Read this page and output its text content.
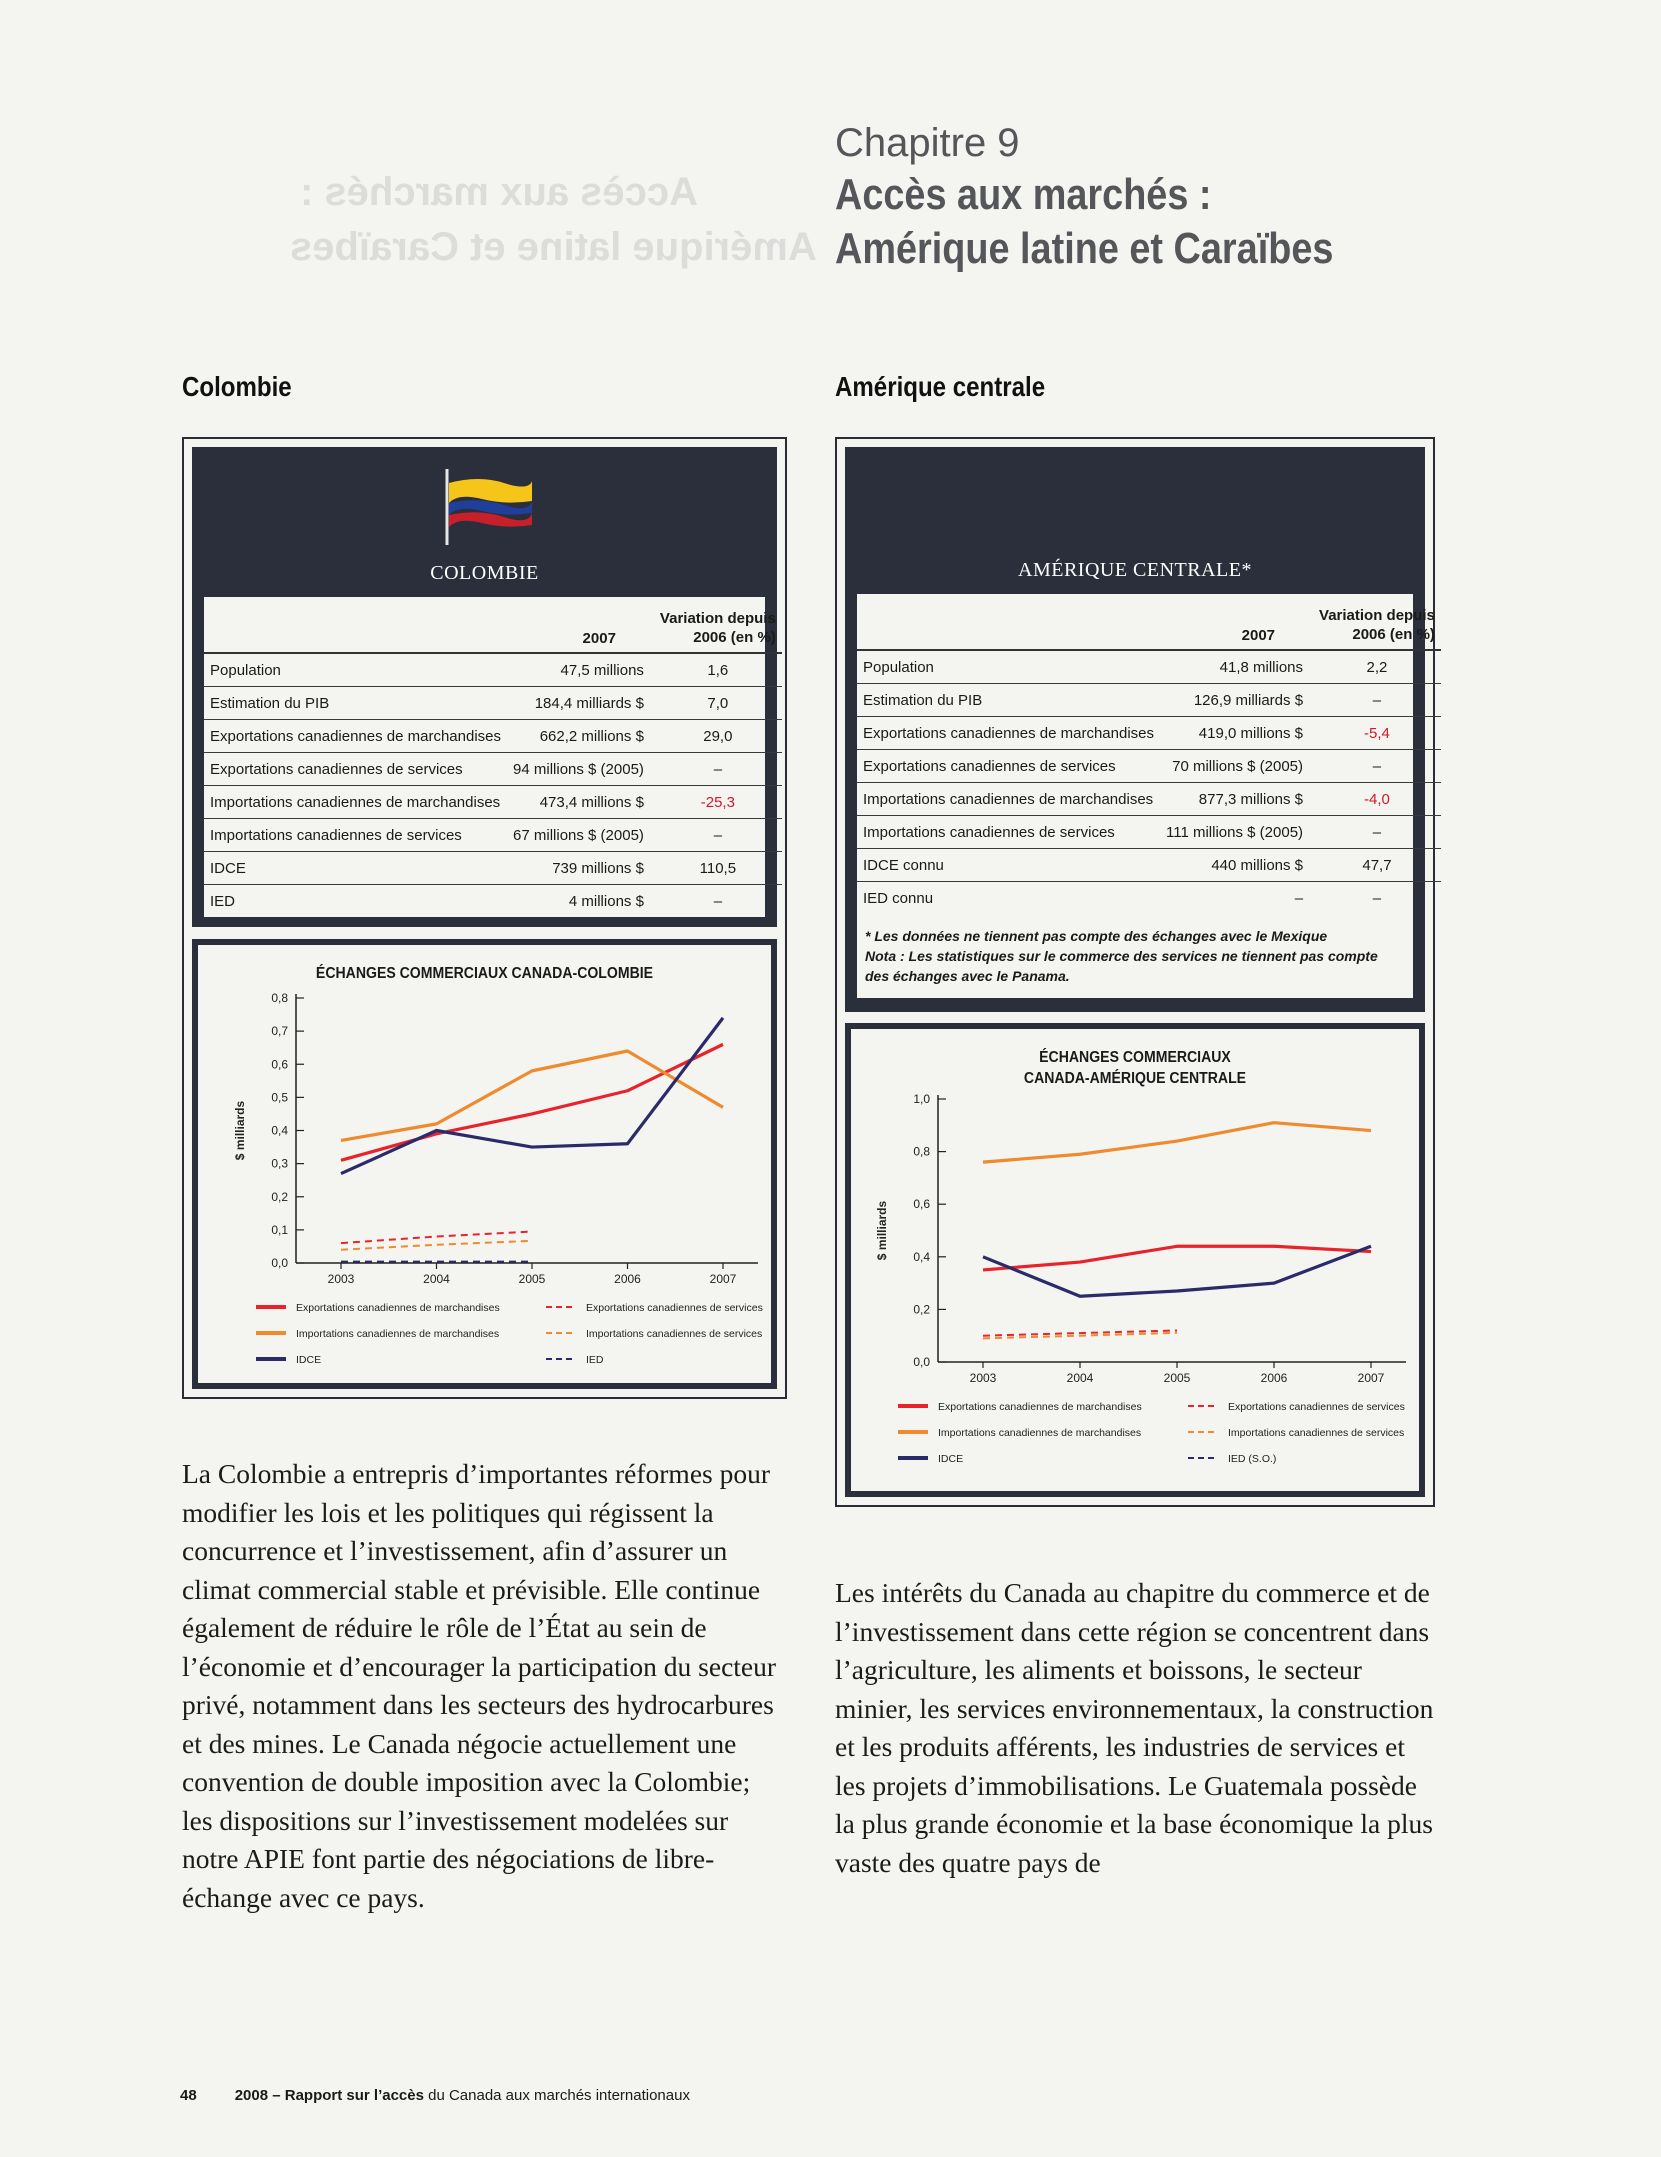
Accès aux marchés :
Amérique latine et Caraïbes
Chapitre 9
Accès aux marchés :
Amérique latine et Caraïbes
Colombie	Amérique centrale
COLOMBIE
	2007	Variation depuis
2006 (en %)

Population	47,5 millions	1,6
Estimation du PIB	184,4 milliards $	7,0
Exportations canadiennes de marchandises	662,2 millions $	29,0
Exportations canadiennes de services	94 millions $ (2005)	–
Importations canadiennes de marchandises	473,4 millions $	-25,3
Importations canadiennes de services	67 millions $ (2005)	–
IDCE	739 millions $	110,5
IED	4 millions $	–
ÉCHANGES COMMERCIAUX CANADA-COLOMBIE
0,0
0,1
0,2
0,3
0,4
0,5
0,6
0,7
0,8
$ milliards
2003	2004	2005	2006	2007
Exportations canadiennes de marchandises	Exportations canadiennes de services
Importations canadiennes de marchandises	Importations canadiennes de services
IDCE	IED
AMÉRIQUE CENTRALE*
	2007	Variation depuis
2006 (en %)

Population	41,8 millions	2,2
Estimation du PIB	126,9 milliards $	–
Exportations canadiennes de marchandises	419,0 millions $	-5,4
Exportations canadiennes de services	70 millions $ (2005)	–
Importations canadiennes de marchandises	877,3 millions $	-4,0
Importations canadiennes de services	111 millions $ (2005)	–
IDCE connu	440 millions $	47,7
IED connu	–	–
* Les données ne tiennent pas compte des échanges avec le Mexique
Nota : Les statistiques sur le commerce des services ne tiennent pas compte
des échanges avec le Panama.
ÉCHANGES COMMERCIAUX
CANADA-AMÉRIQUE CENTRALE
0,0
0,2
0,4
0,6
0,8
1,0
$ milliards
2003	2004	2005	2006	2007
Exportations canadiennes de marchandises	Exportations canadiennes de services
Importations canadiennes de marchandises	Importations canadiennes de services
IDCE	IED (S.O.)
La Colombie a entrepris d’importantes réformes pour modifier les lois et les politiques qui régissent la concurrence et l’investissement, afin d’assurer un climat commercial stable et prévisible. Elle continue également de réduire le rôle de l’État au sein de l’économie et d’encourager la participation du secteur privé, notamment dans les secteurs des hydrocarbures et des mines. Le Canada négocie actuellement une convention de double imposition avec la Colombie; les dispositions sur l’investissement modelées sur notre APIE font partie des négociations de libre-échange avec ce pays.
Les intérêts du Canada au chapitre du commerce et de l’investissement dans cette région se concentrent dans l’agriculture, les aliments et boissons, le secteur minier, les services environnementaux, la construction et les produits afférents, les industries de services et les projets d’immobilisations. Le Guatemala possède la plus grande économie et la base économique la plus vaste des quatre pays de
48	2008 – Rapport sur l’accès du Canada aux marchés internationaux
